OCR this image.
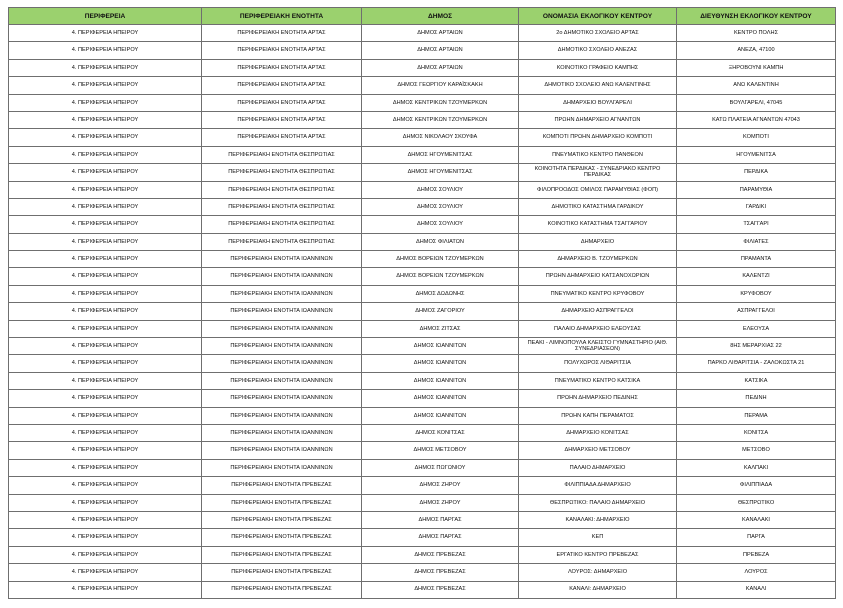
ΠΕΡΙΦΕΡΕΙΑ	ΠΕΡΙΦΕΡΕΙΑΚΗ ΕΝΟΤΗΤΑ	ΔΗΜΟΣ	ΟΝΟΜΑΣΙΑ ΕΚΛΟΓΙΚΟΥ ΚΕΝΤΡΟΥ	ΔΙΕΥΘΥΝΣΗ ΕΚΛΟΓΙΚΟΥ ΚΕΝΤΡΟΥ
4. ΠΕΡΙΦΕΡΕΙΑ ΗΠΕΙΡΟΥ	ΠΕΡΙΦΕΡΕΙΑΚΗ ΕΝΟΤΗΤΑ ΑΡΤΑΣ	ΔΗΜΟΣ ΑΡΤΑΙΩΝ	2ο ΔΗΜΟΤΙΚΟ ΣΧΟΛΕΙΟ ΑΡΤΑΣ	ΚΕΝΤΡΟ ΠΟΛΗΣ
4. ΠΕΡΙΦΕΡΕΙΑ ΗΠΕΙΡΟΥ	ΠΕΡΙΦΕΡΕΙΑΚΗ ΕΝΟΤΗΤΑ ΑΡΤΑΣ	ΔΗΜΟΣ ΑΡΤΑΙΩΝ	ΔΗΜΟΤΙΚΟ ΣΧΟΛΕΙΟ ΑΝΕΖΑΣ	ΑΝΕΖΑ, 47100
4. ΠΕΡΙΦΕΡΕΙΑ ΗΠΕΙΡΟΥ	ΠΕΡΙΦΕΡΕΙΑΚΗ ΕΝΟΤΗΤΑ ΑΡΤΑΣ	ΔΗΜΟΣ ΑΡΤΑΙΩΝ	ΚΟΙΝΟΤΙΚΟ ΓΡΑΦΕΙΟ ΚΑΜΠΗΣ	ΞΗΡΟΒΟΥΝΙ ΚΑΜΠΗ
4. ΠΕΡΙΦΕΡΕΙΑ ΗΠΕΙΡΟΥ	ΠΕΡΙΦΕΡΕΙΑΚΗ ΕΝΟΤΗΤΑ ΑΡΤΑΣ	ΔΗΜΟΣ ΓΕΩΡΓΙΟΥ ΚΑΡΑΪΣΚΑΚΗ	ΔΗΜΟΤΙΚΟ ΣΧΟΛΕΙΟ ΑΝΩ ΚΑΛΕΝΤΙΝΗΣ	ΑΝΩ ΚΑΛΕΝΤΙΝΗ
4. ΠΕΡΙΦΕΡΕΙΑ ΗΠΕΙΡΟΥ	ΠΕΡΙΦΕΡΕΙΑΚΗ ΕΝΟΤΗΤΑ ΑΡΤΑΣ	ΔΗΜΟΣ ΚΕΝΤΡΙΚΩΝ ΤΖΟΥΜΕΡΚΩΝ	ΔΗΜΑΡΧΕΙΟ ΒΟΥΛΓΑΡΕΛΙ	ΒΟΥΛΓΑΡΕΛΙ, 47045
4. ΠΕΡΙΦΕΡΕΙΑ ΗΠΕΙΡΟΥ	ΠΕΡΙΦΕΡΕΙΑΚΗ ΕΝΟΤΗΤΑ ΑΡΤΑΣ	ΔΗΜΟΣ ΚΕΝΤΡΙΚΩΝ ΤΖΟΥΜΕΡΚΩΝ	ΠΡΩΗΝ ΔΗΜΑΡΧΕΙΟ ΑΓΝΑΝΤΩΝ	ΚΑΤΩ ΠΛΑΤΕΙΑ ΑΓΝΑΝΤΩΝ 47043
4. ΠΕΡΙΦΕΡΕΙΑ ΗΠΕΙΡΟΥ	ΠΕΡΙΦΕΡΕΙΑΚΗ ΕΝΟΤΗΤΑ ΑΡΤΑΣ	ΔΗΜΟΣ ΝΙΚΟΛΑΟΥ ΣΚΟΥΦΑ	ΚΟΜΠΟΤΙ ΠΡΩΗΝ ΔΗΜΑΡΧΕΙΟ ΚΟΜΠΟΤΙ	ΚΟΜΠΟΤΙ
4. ΠΕΡΙΦΕΡΕΙΑ ΗΠΕΙΡΟΥ	ΠΕΡΙΦΕΡΕΙΑΚΗ ΕΝΟΤΗΤΑ ΘΕΣΠΡΩΤΙΑΣ	ΔΗΜΟΣ ΗΓΟΥΜΕΝΙΤΣΑΣ	ΠΝΕΥΜΑΤΙΚΟ ΚΕΝΤΡΟ ΠΑΝΘΕΟΝ	ΗΓΟΥΜΕΝΙΤΣΑ
4. ΠΕΡΙΦΕΡΕΙΑ ΗΠΕΙΡΟΥ	ΠΕΡΙΦΕΡΕΙΑΚΗ ΕΝΟΤΗΤΑ ΘΕΣΠΡΩΤΙΑΣ	ΔΗΜΟΣ ΗΓΟΥΜΕΝΙΤΣΑΣ	ΚΟΙΝΟΤΗΤΑ ΠΕΡΔΙΚΑΣ - ΣΥΝΕΔΡΙΑΚΟ ΚΕΝΤΡΟ ΠΕΡΔΙΚΑΣ	ΠΕΡΔΙΚΑ
4. ΠΕΡΙΦΕΡΕΙΑ ΗΠΕΙΡΟΥ	ΠΕΡΙΦΕΡΕΙΑΚΗ ΕΝΟΤΗΤΑ ΘΕΣΠΡΩΤΙΑΣ	ΔΗΜΟΣ ΣΟΥΛΙΟΥ	ΦΙΛΟΠΡΟΟΔΟΣ ΟΜΙΛΟΣ ΠΑΡΑΜΥΘΙΑΣ (ΦΟΠ)	ΠΑΡΑΜΥΘΙΑ
4. ΠΕΡΙΦΕΡΕΙΑ ΗΠΕΙΡΟΥ	ΠΕΡΙΦΕΡΕΙΑΚΗ ΕΝΟΤΗΤΑ ΘΕΣΠΡΩΤΙΑΣ	ΔΗΜΟΣ ΣΟΥΛΙΟΥ	ΔΗΜΟΤΙΚΟ ΚΑΤΑΣΤΗΜΑ ΓΑΡΔΙΚΟΥ	ΓΑΡΔΙΚΙ
4. ΠΕΡΙΦΕΡΕΙΑ ΗΠΕΙΡΟΥ	ΠΕΡΙΦΕΡΕΙΑΚΗ ΕΝΟΤΗΤΑ ΘΕΣΠΡΩΤΙΑΣ	ΔΗΜΟΣ ΣΟΥΛΙΟΥ	ΚΟΙΝΟΤΙΚΟ ΚΑΤΑΣΤΗΜΑ ΤΣΑΓΓΑΡΙΟΥ	ΤΣΑΓΓΑΡΙ
4. ΠΕΡΙΦΕΡΕΙΑ ΗΠΕΙΡΟΥ	ΠΕΡΙΦΕΡΕΙΑΚΗ ΕΝΟΤΗΤΑ ΘΕΣΠΡΩΤΙΑΣ	ΔΗΜΟΣ ΦΙΛΙΑΤΩΝ	ΔΗΜΑΡΧΕΙΟ	ΦΙΛΙΑΤΕΣ
4. ΠΕΡΙΦΕΡΕΙΑ ΗΠΕΙΡΟΥ	ΠΕΡΙΦΕΡΕΙΑΚΗ ΕΝΟΤΗΤΑ ΙΩΑΝΝΙΝΩΝ	ΔΗΜΟΣ ΒΟΡΕΙΩΝ ΤΖΟΥΜΕΡΚΩΝ	ΔΗΜΑΡΧΕΙΟ Β. ΤΖΟΥΜΕΡΚΩΝ	ΠΡΑΜΑΝΤΑ
4. ΠΕΡΙΦΕΡΕΙΑ ΗΠΕΙΡΟΥ	ΠΕΡΙΦΕΡΕΙΑΚΗ ΕΝΟΤΗΤΑ ΙΩΑΝΝΙΝΩΝ	ΔΗΜΟΣ ΒΟΡΕΙΩΝ ΤΖΟΥΜΕΡΚΩΝ	ΠΡΩΗΝ ΔΗΜΑΡΧΕΙΟ ΚΑΤΣΑΝΟΧΩΡΙΩΝ	ΚΑΛΕΝΤΖΙ
4. ΠΕΡΙΦΕΡΕΙΑ ΗΠΕΙΡΟΥ	ΠΕΡΙΦΕΡΕΙΑΚΗ ΕΝΟΤΗΤΑ ΙΩΑΝΝΙΝΩΝ	ΔΗΜΟΣ ΔΩΔΩΝΗΣ	ΠΝΕΥΜΑΤΙΚΟ ΚΕΝΤΡΟ ΚΡΥΦΟΒΟΥ	ΚΡΥΦΟΒΟΥ
4. ΠΕΡΙΦΕΡΕΙΑ ΗΠΕΙΡΟΥ	ΠΕΡΙΦΕΡΕΙΑΚΗ ΕΝΟΤΗΤΑ ΙΩΑΝΝΙΝΩΝ	ΔΗΜΟΣ ΖΑΓΟΡΙΟΥ	ΔΗΜΑΡΧΕΙΟ ΑΣΠΡΑΓΓΕΛΟΙ	ΑΣΠΡΑΓΓΕΛΟΙ
4. ΠΕΡΙΦΕΡΕΙΑ ΗΠΕΙΡΟΥ	ΠΕΡΙΦΕΡΕΙΑΚΗ ΕΝΟΤΗΤΑ ΙΩΑΝΝΙΝΩΝ	ΔΗΜΟΣ ΖΙΤΣΑΣ	ΠΑΛΑΙΟ ΔΗΜΑΡΧΕΙΟ ΕΛΕΟΥΣΑΣ	ΕΛΕΟΥΣΑ
4. ΠΕΡΙΦΕΡΕΙΑ ΗΠΕΙΡΟΥ	ΠΕΡΙΦΕΡΕΙΑΚΗ ΕΝΟΤΗΤΑ ΙΩΑΝΝΙΝΩΝ	ΔΗΜΟΣ ΙΩΑΝΝΙΤΩΝ	ΠΕΑΚΙ - ΛΙΜΝΟΠΟΥΛΑ ΚΛΕΙΣΤΟ ΓΥΜΝΑΣΤΗΡΙΟ (ΑΙΘ. ΣΥΝΕΔΡΙΑΣΕΩΝ)	8ΗΣ ΜΕΡΑΡΧΙΑΣ 22
4. ΠΕΡΙΦΕΡΕΙΑ ΗΠΕΙΡΟΥ	ΠΕΡΙΦΕΡΕΙΑΚΗ ΕΝΟΤΗΤΑ ΙΩΑΝΝΙΝΩΝ	ΔΗΜΟΣ ΙΩΑΝΝΙΤΩΝ	ΠΟΛΥΧΩΡΟΣ ΛΙΘΑΡΙΤΣΙΑ	ΠΑΡΚΟ ΛΙΘΑΡΙΤΣΙΑ - ΖΑΛΟΚΩΣΤΑ 21
4. ΠΕΡΙΦΕΡΕΙΑ ΗΠΕΙΡΟΥ	ΠΕΡΙΦΕΡΕΙΑΚΗ ΕΝΟΤΗΤΑ ΙΩΑΝΝΙΝΩΝ	ΔΗΜΟΣ ΙΩΑΝΝΙΤΩΝ	ΠΝΕΥΜΑΤΙΚΟ ΚΕΝΤΡΟ ΚΑΤΣΙΚΑ	ΚΑΤΣΙΚΑ
4. ΠΕΡΙΦΕΡΕΙΑ ΗΠΕΙΡΟΥ	ΠΕΡΙΦΕΡΕΙΑΚΗ ΕΝΟΤΗΤΑ ΙΩΑΝΝΙΝΩΝ	ΔΗΜΟΣ ΙΩΑΝΝΙΤΩΝ	ΠΡΩΗΝ ΔΗΜΑΡΧΕΙΟ ΠΕΔΙΝΗΣ	ΠΕΔΙΝΗ
4. ΠΕΡΙΦΕΡΕΙΑ ΗΠΕΙΡΟΥ	ΠΕΡΙΦΕΡΕΙΑΚΗ ΕΝΟΤΗΤΑ ΙΩΑΝΝΙΝΩΝ	ΔΗΜΟΣ ΙΩΑΝΝΙΤΩΝ	ΠΡΩΗΝ ΚΑΠΗ ΠΕΡΑΜΑΤΟΣ	ΠΕΡΑΜΑ
4. ΠΕΡΙΦΕΡΕΙΑ ΗΠΕΙΡΟΥ	ΠΕΡΙΦΕΡΕΙΑΚΗ ΕΝΟΤΗΤΑ ΙΩΑΝΝΙΝΩΝ	ΔΗΜΟΣ ΚΟΝΙΤΣΑΣ	ΔΗΜΑΡΧΕΙΟ ΚΟΝΙΤΣΑΣ	ΚΟΝΙΤΣΑ
4. ΠΕΡΙΦΕΡΕΙΑ ΗΠΕΙΡΟΥ	ΠΕΡΙΦΕΡΕΙΑΚΗ ΕΝΟΤΗΤΑ ΙΩΑΝΝΙΝΩΝ	ΔΗΜΟΣ ΜΕΤΣΟΒΟΥ	ΔΗΜΑΡΧΕΙΟ ΜΕΤΣΟΒΟΥ	ΜΕΤΣΟΒΟ
4. ΠΕΡΙΦΕΡΕΙΑ ΗΠΕΙΡΟΥ	ΠΕΡΙΦΕΡΕΙΑΚΗ ΕΝΟΤΗΤΑ ΙΩΑΝΝΙΝΩΝ	ΔΗΜΟΣ ΠΩΓΩΝΙΟΥ	ΠΑΛΑΙΟ ΔΗΜΑΡΧΕΙΟ	ΚΑΛΠΑΚΙ
4. ΠΕΡΙΦΕΡΕΙΑ ΗΠΕΙΡΟΥ	ΠΕΡΙΦΕΡΕΙΑΚΗ ΕΝΟΤΗΤΑ ΠΡΕΒΕΖΑΣ	ΔΗΜΟΣ ΖΗΡΟΥ	ΦΙΛΙΠΠΙΑΔΑ ΔΗΜΑΡΧΕΙΟ	ΦΙΛΙΠΠΙΑΔΑ
4. ΠΕΡΙΦΕΡΕΙΑ ΗΠΕΙΡΟΥ	ΠΕΡΙΦΕΡΕΙΑΚΗ ΕΝΟΤΗΤΑ ΠΡΕΒΕΖΑΣ	ΔΗΜΟΣ ΖΗΡΟΥ	ΘΕΣΠΡΩΤΙΚΟ: ΠΑΛΑΙΟ ΔΗΜΑΡΧΕΙΟ	ΘΕΣΠΡΩΤΙΚΟ
4. ΠΕΡΙΦΕΡΕΙΑ ΗΠΕΙΡΟΥ	ΠΕΡΙΦΕΡΕΙΑΚΗ ΕΝΟΤΗΤΑ ΠΡΕΒΕΖΑΣ	ΔΗΜΟΣ ΠΑΡΓΑΣ	ΚΑΝΑΛΑΚΙ: ΔΗΜΑΡΧΕΙΟ	ΚΑΝΑΛΑΚΙ
4. ΠΕΡΙΦΕΡΕΙΑ ΗΠΕΙΡΟΥ	ΠΕΡΙΦΕΡΕΙΑΚΗ ΕΝΟΤΗΤΑ ΠΡΕΒΕΖΑΣ	ΔΗΜΟΣ ΠΑΡΓΑΣ	ΚΕΠ	ΠΑΡΓΑ
4. ΠΕΡΙΦΕΡΕΙΑ ΗΠΕΙΡΟΥ	ΠΕΡΙΦΕΡΕΙΑΚΗ ΕΝΟΤΗΤΑ ΠΡΕΒΕΖΑΣ	ΔΗΜΟΣ ΠΡΕΒΕΖΑΣ	ΕΡΓΑΤΙΚΟ ΚΕΝΤΡΟ ΠΡΕΒΕΖΑΣ	ΠΡΕΒΕΖΑ
4. ΠΕΡΙΦΕΡΕΙΑ ΗΠΕΙΡΟΥ	ΠΕΡΙΦΕΡΕΙΑΚΗ ΕΝΟΤΗΤΑ ΠΡΕΒΕΖΑΣ	ΔΗΜΟΣ ΠΡΕΒΕΖΑΣ	ΛΟΥΡΟΣ: ΔΗΜΑΡΧΕΙΟ	ΛΟΥΡΟΣ
4. ΠΕΡΙΦΕΡΕΙΑ ΗΠΕΙΡΟΥ	ΠΕΡΙΦΕΡΕΙΑΚΗ ΕΝΟΤΗΤΑ ΠΡΕΒΕΖΑΣ	ΔΗΜΟΣ ΠΡΕΒΕΖΑΣ	ΚΑΝΑΛΙ: ΔΗΜΑΡΧΕΙΟ	ΚΑΝΑΛΙ
